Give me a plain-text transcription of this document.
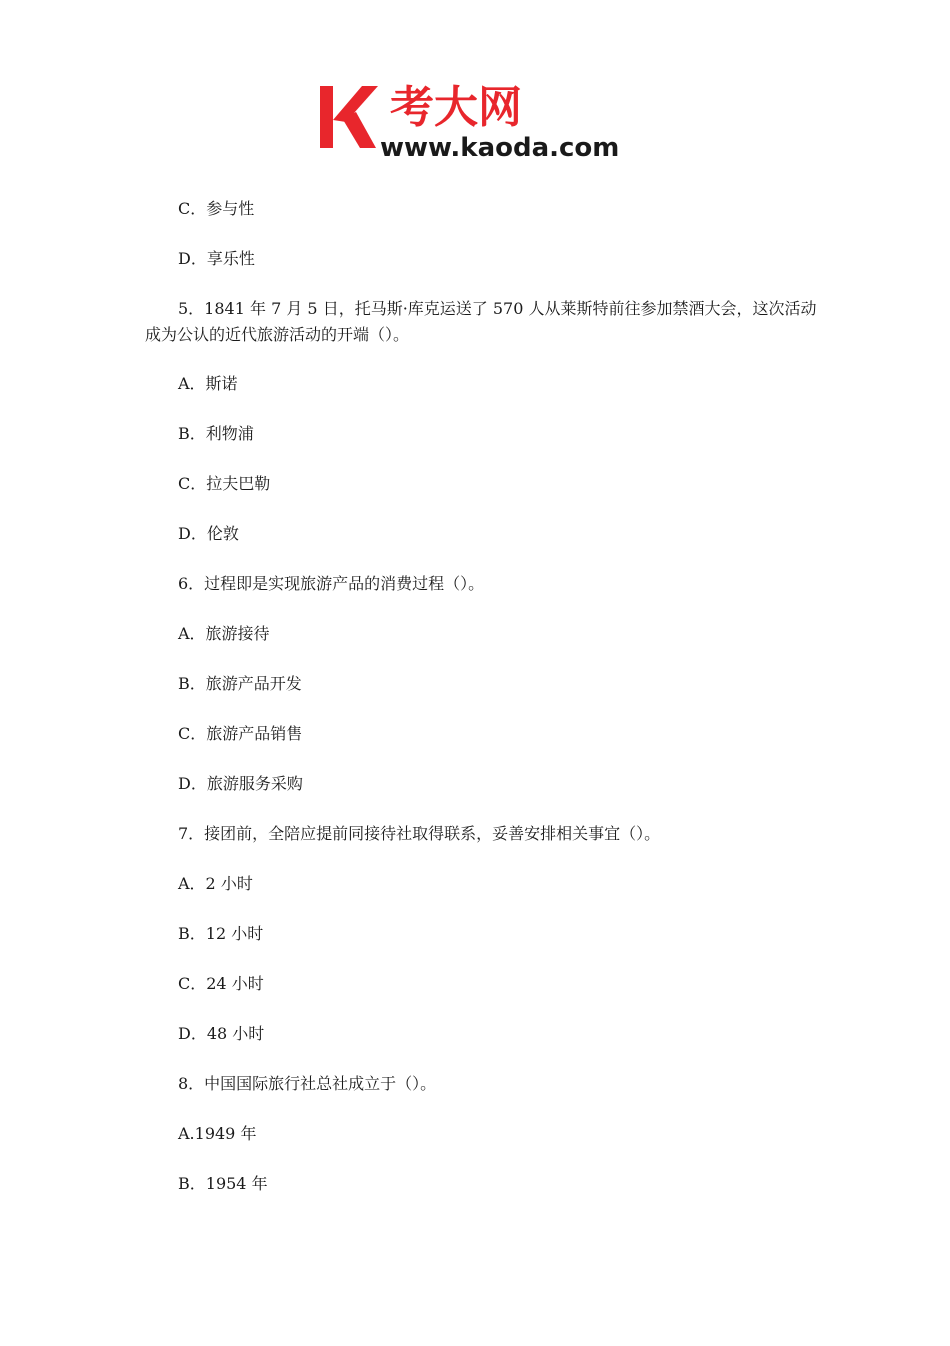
考大网
www.kaoda.com
C．参与性
D．享乐性
5．1841 年 7 月 5 日，托马斯·库克运送了 570 人从莱斯特前往参加禁酒大会，这次活动
成为公认的近代旅游活动的开端（）。
A．斯诺
B．利物浦
C．拉夫巴勒
D．伦敦
6．过程即是实现旅游产品的消费过程（）。
A．旅游接待
B．旅游产品开发
C．旅游产品销售
D．旅游服务采购
7．接团前，全陪应提前同接待社取得联系，妥善安排相关事宜（）。
A．2 小时
B．12 小时
C．24 小时
D．48 小时
8．中国国际旅行社总社成立于（）。
A.1949 年
B．1954 年
